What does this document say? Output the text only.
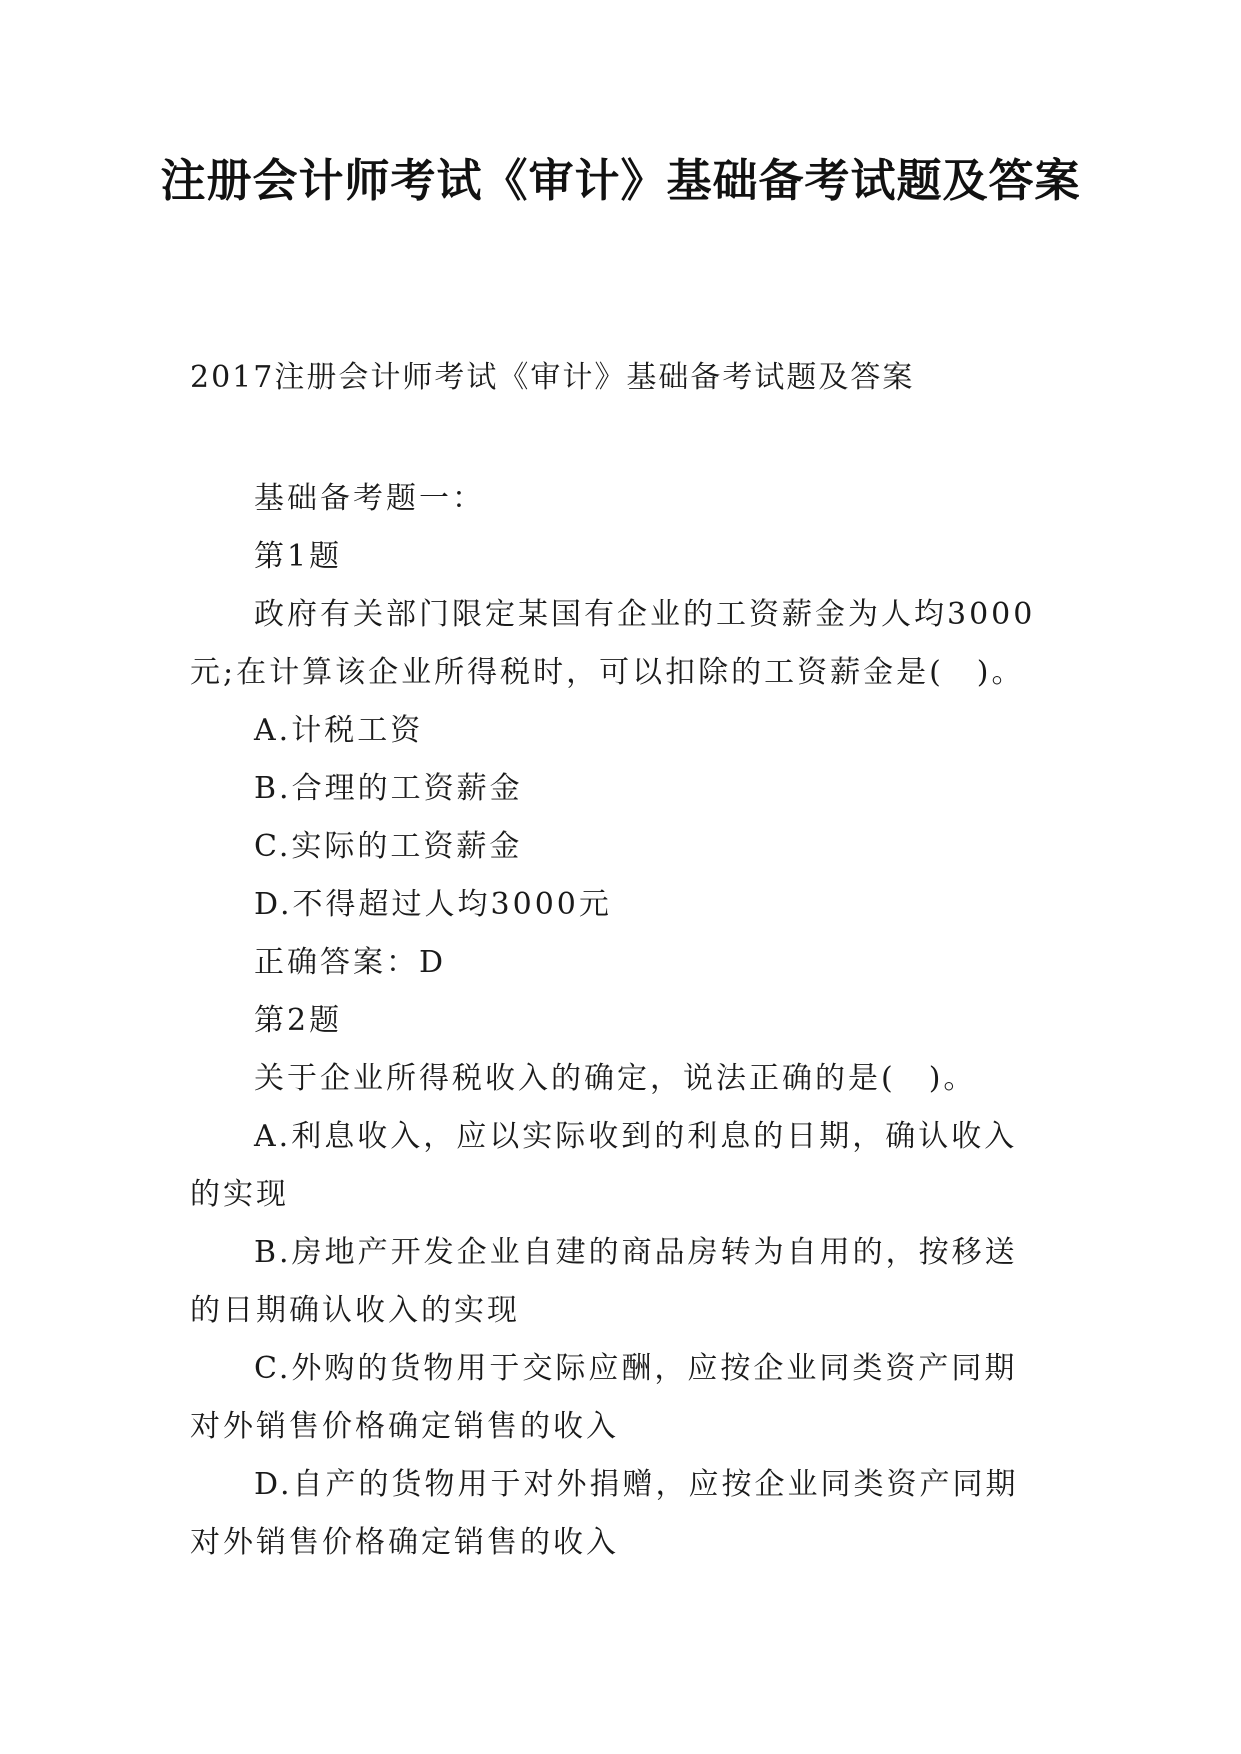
注册会计师考试《审计》基础备考试题及答案
2017注册会计师考试《审计》基础备考试题及答案

基础备考题一：

第1题

政府有关部门限定某国有企业的工资薪金为人均3000元;在计算该企业所得税时，可以扣除的工资薪金是(　)。

A.计税工资

B.合理的工资薪金

C.实际的工资薪金

D.不得超过人均3000元

正确答案：D

第2题

关于企业所得税收入的确定，说法正确的是(　)。

A.利息收入，应以实际收到的利息的日期，确认收入的实现

B.房地产开发企业自建的商品房转为自用的，按移送的日期确认收入的实现

C.外购的货物用于交际应酬，应按企业同类资产同期对外销售价格确定销售的收入

D.自产的货物用于对外捐赠，应按企业同类资产同期对外销售价格确定销售的收入
